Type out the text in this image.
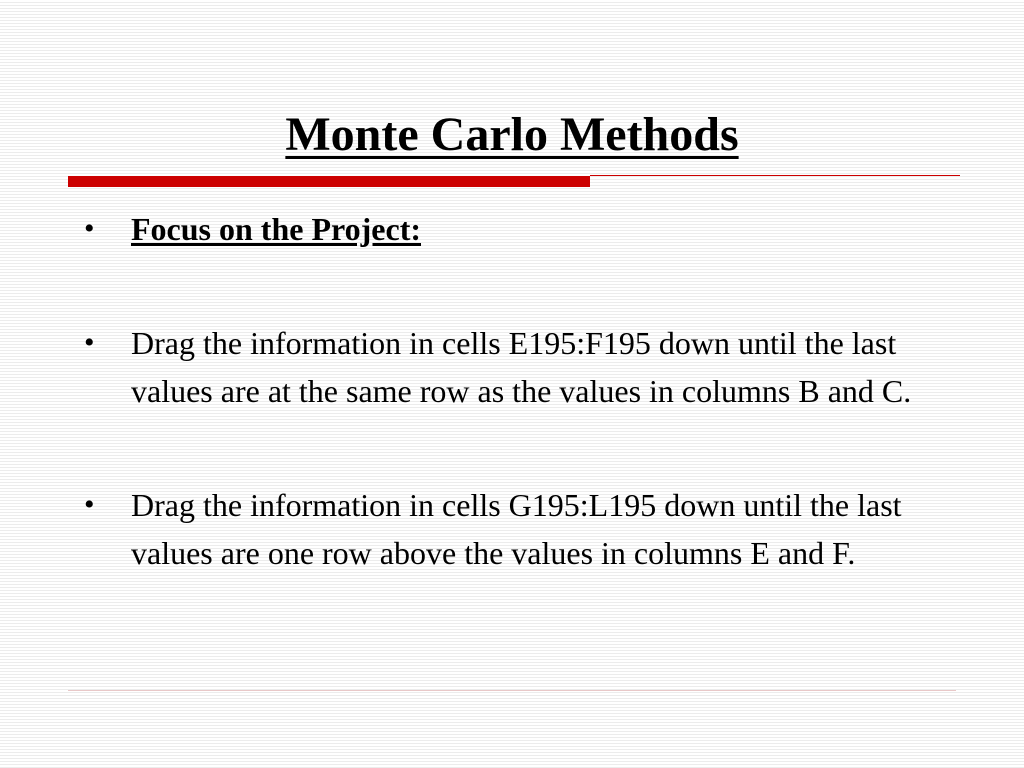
Monte Carlo Methods
• Focus on the Project:
• Drag the information in cells E195:F195 down until the last values are at the same row as the values in columns B and C.
• Drag the information in cells G195:L195 down until the last values are one row above the values in columns E and F.
